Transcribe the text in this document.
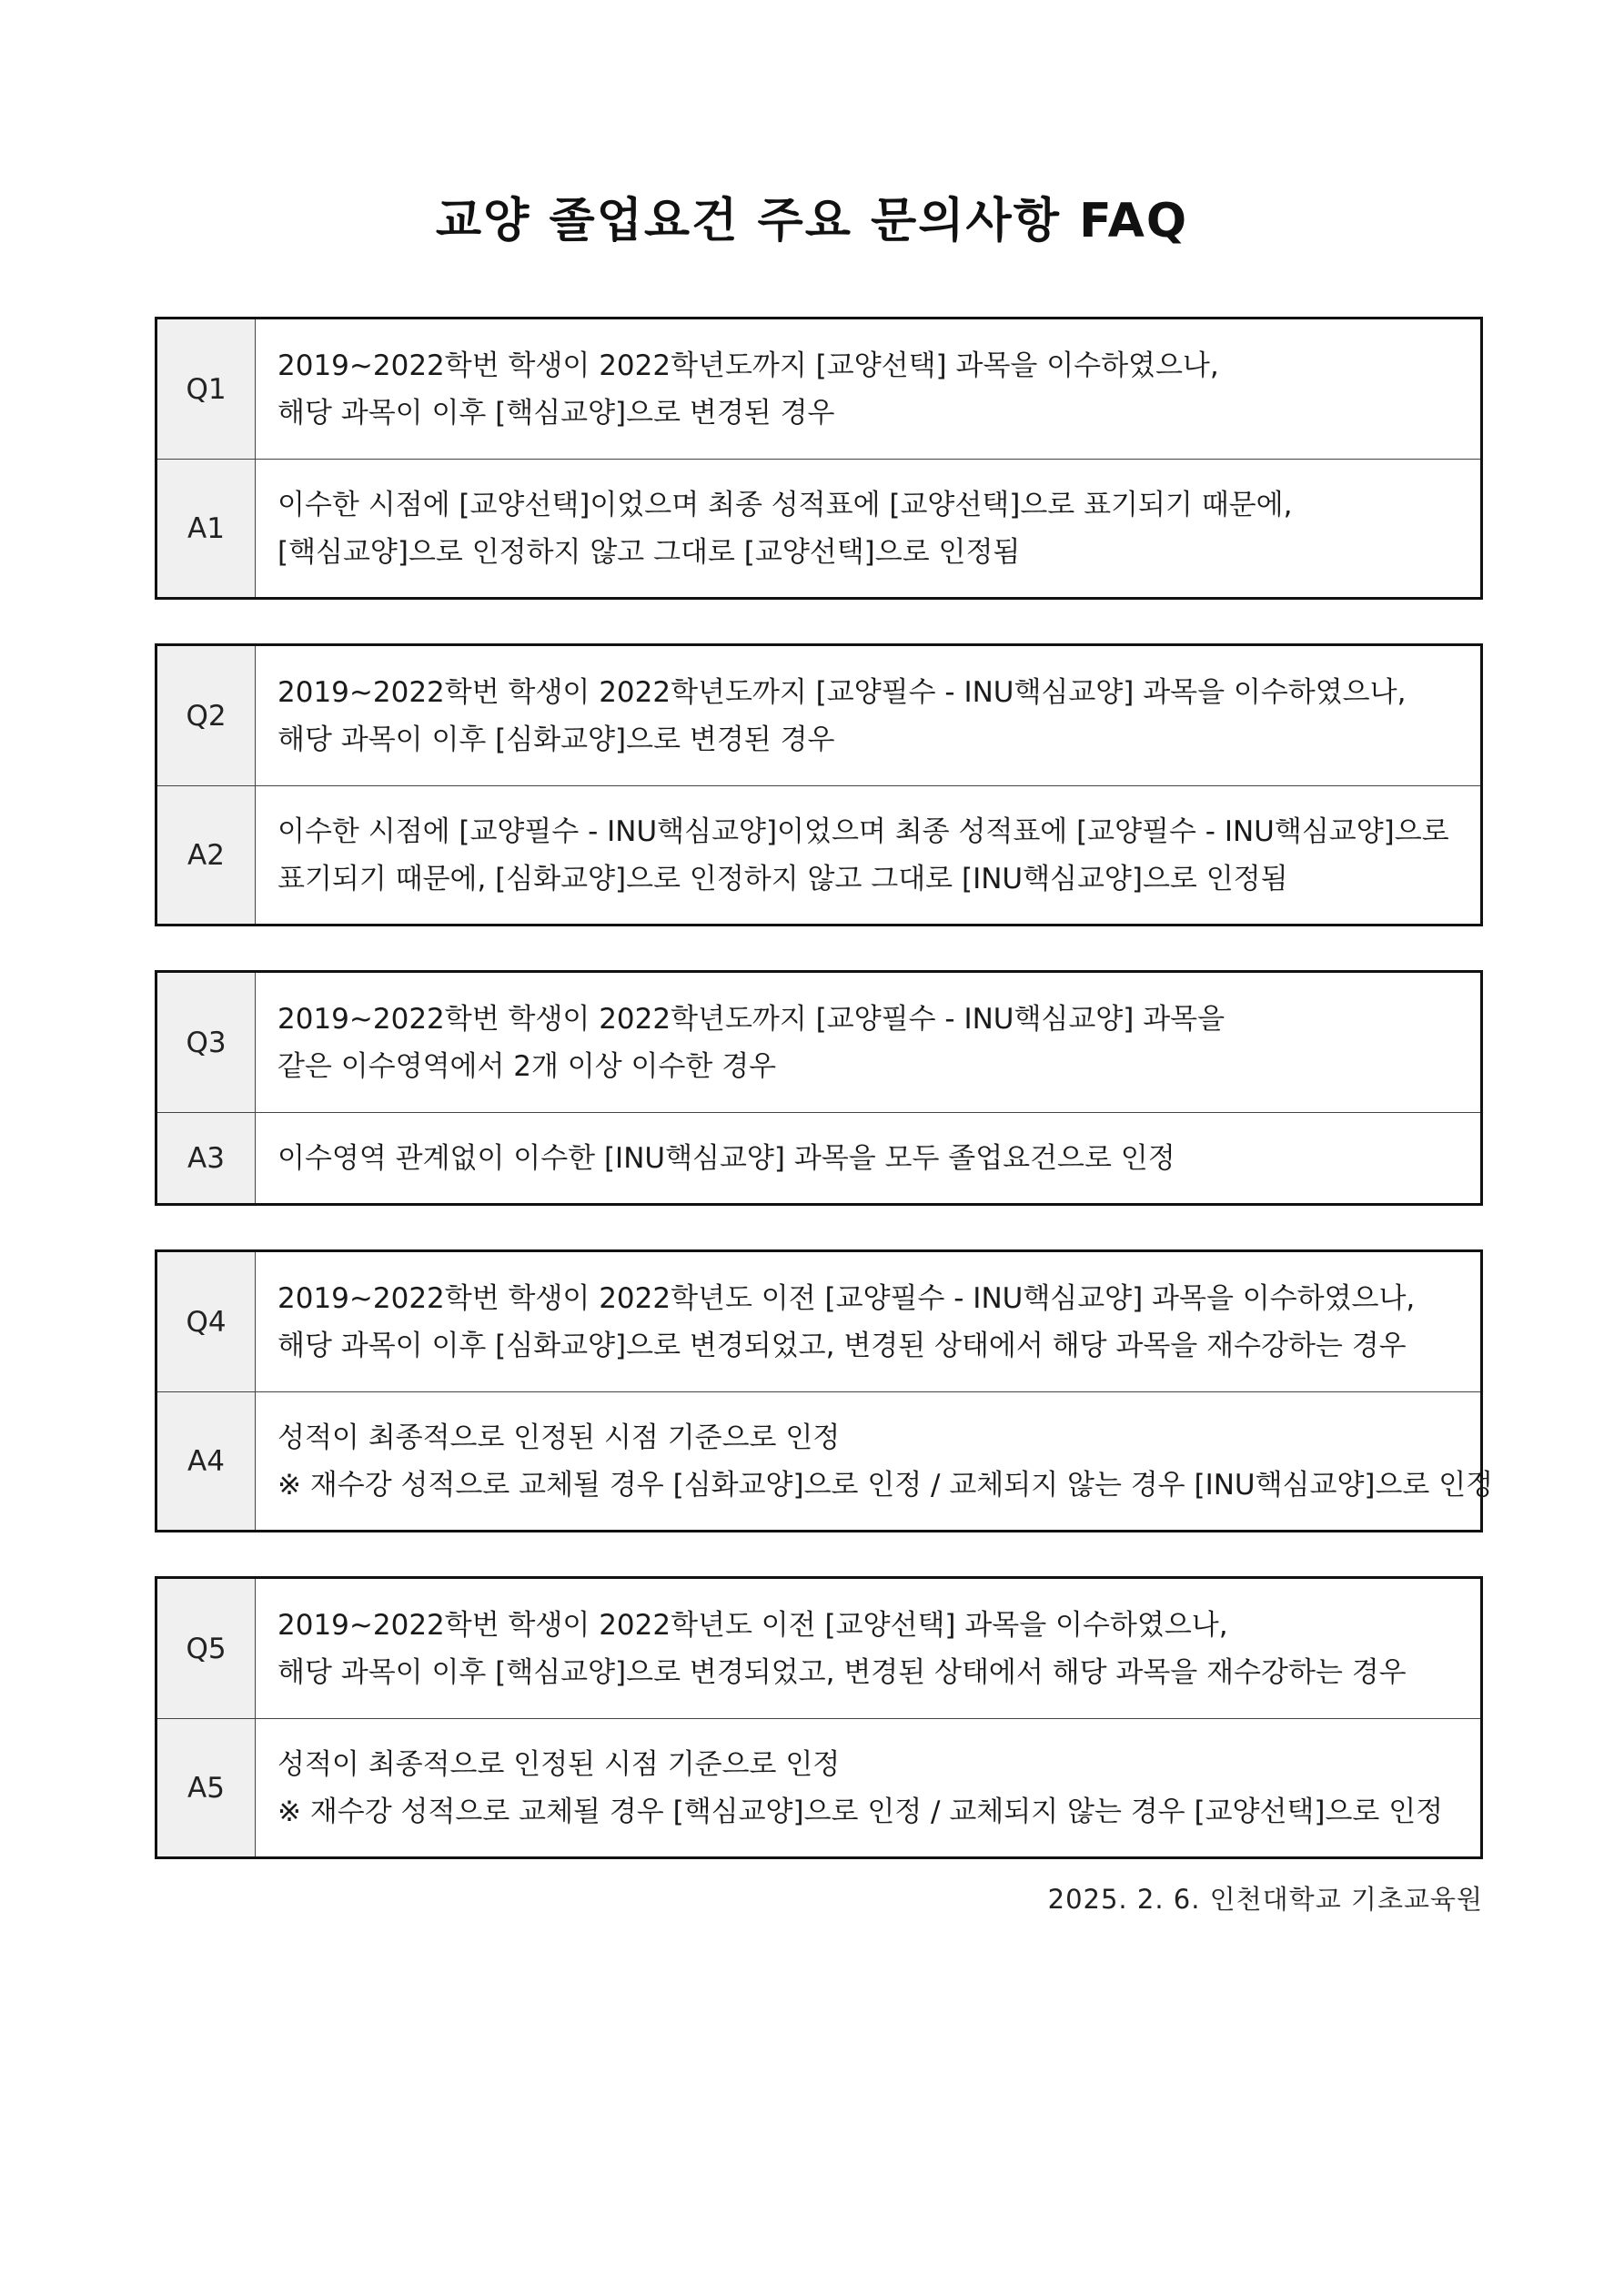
교양 졸업요건 주요 문의사항 FAQ
Q1
2019~2022학번 학생이 2022학년도까지 [교양선택] 과목을 이수하였으나,
해당 과목이 이후 [핵심교양]으로 변경된 경우
A1
이수한 시점에 [교양선택]이었으며 최종 성적표에 [교양선택]으로 표기되기 때문에,
[핵심교양]으로 인정하지 않고 그대로 [교양선택]으로 인정됨
Q2
2019~2022학번 학생이 2022학년도까지 [교양필수 - INU핵심교양] 과목을 이수하였으나,
해당 과목이 이후 [심화교양]으로 변경된 경우
A2
이수한 시점에 [교양필수 - INU핵심교양]이었으며 최종 성적표에 [교양필수 - INU핵심교양]으로
표기되기 때문에, [심화교양]으로 인정하지 않고 그대로 [INU핵심교양]으로 인정됨
Q3
2019~2022학번 학생이 2022학년도까지 [교양필수 - INU핵심교양] 과목을
같은 이수영역에서 2개 이상 이수한 경우
A3	이수영역 관계없이 이수한 [INU핵심교양] 과목을 모두 졸업요건으로 인정
Q4
2019~2022학번 학생이 2022학년도 이전 [교양필수 - INU핵심교양] 과목을 이수하였으나,
해당 과목이 이후 [심화교양]으로 변경되었고, 변경된 상태에서 해당 과목을 재수강하는 경우
A4
성적이 최종적으로 인정된 시점 기준으로 인정
※ 재수강 성적으로 교체될 경우 [심화교양]으로 인정 / 교체되지 않는 경우 [INU핵심교양]으로 인정
Q5
2019~2022학번 학생이 2022학년도 이전 [교양선택] 과목을 이수하였으나,
해당 과목이 이후 [핵심교양]으로 변경되었고, 변경된 상태에서 해당 과목을 재수강하는 경우
A5
성적이 최종적으로 인정된 시점 기준으로 인정
※ 재수강 성적으로 교체될 경우 [핵심교양]으로 인정 / 교체되지 않는 경우 [교양선택]으로 인정
2025. 2. 6. 인천대학교 기초교육원
